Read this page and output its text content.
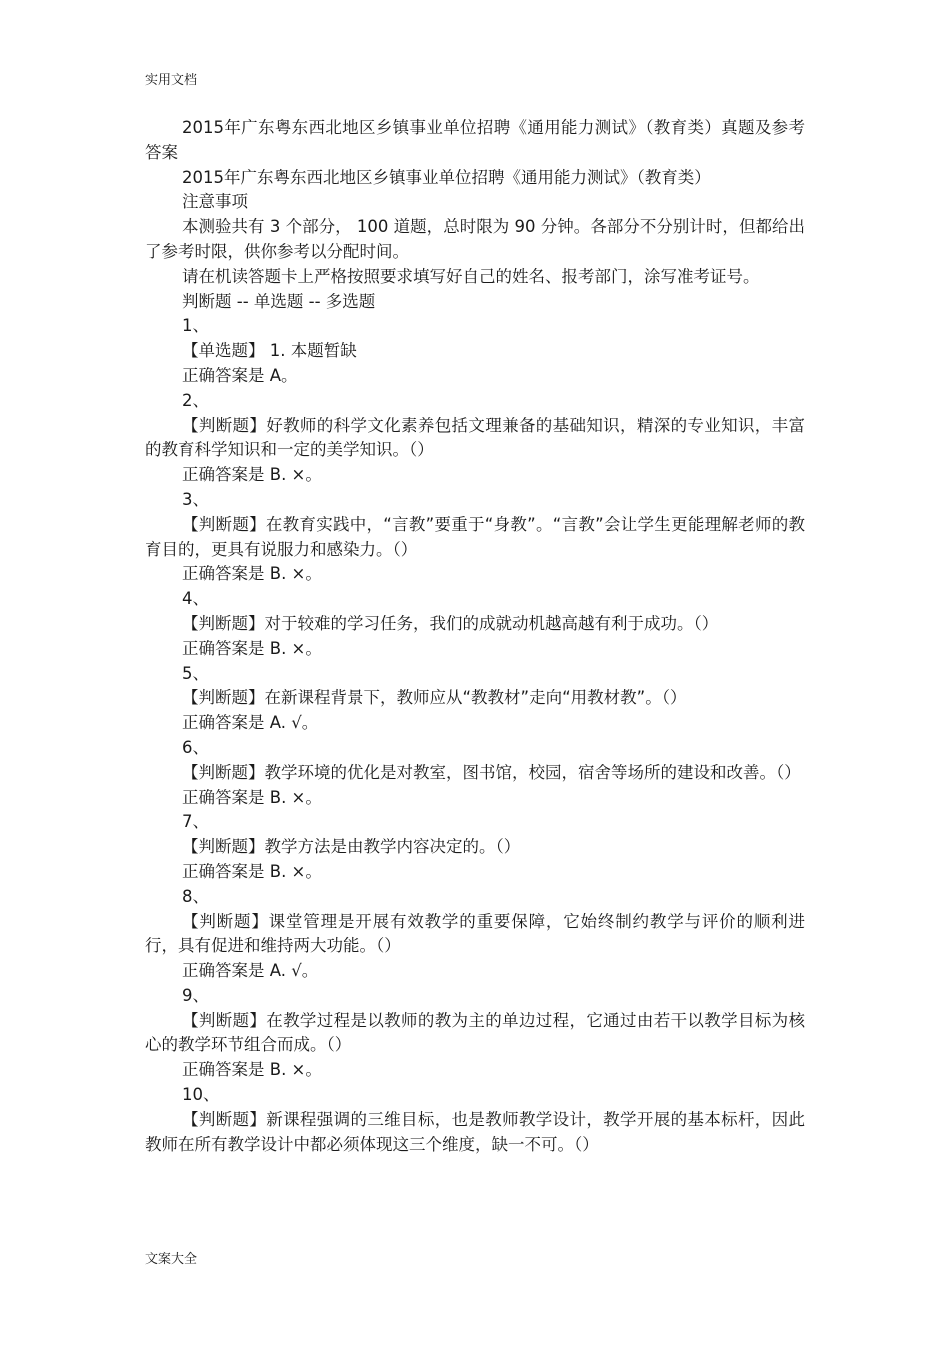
实用文档

2015年广东粤东西北地区乡镇事业单位招聘《通用能力测试》（教育类）真题及参考答案

2015年广东粤东西北地区乡镇事业单位招聘《通用能力测试》（教育类）

注意事项

本测验共有 3 个部分， 100 道题，总时限为 90 分钟。各部分不分别计时，但都给出了参考时限，供你参考以分配时间。

请在机读答题卡上严格按照要求填写好自己的姓名、报考部门，涂写准考证号。

判断题 -- 单选题 -- 多选题

1、

【单选题】 1. 本题暂缺

正确答案是 A。

2、

【判断题】好教师的科学文化素养包括文理兼备的基础知识，精深的专业知识，丰富的教育科学知识和一定的美学知识。（）

正确答案是 B. ×。

3、

【判断题】在教育实践中，“言教”要重于“身教”。“言教”会让学生更能理解老师的教育目的，更具有说服力和感染力。（）

正确答案是 B. ×。

4、

【判断题】对于较难的学习任务，我们的成就动机越高越有利于成功。（）

正确答案是 B. ×。

5、

【判断题】在新课程背景下，教师应从“教教材”走向“用教材教”。（）

正确答案是 A. √。

6、

【判断题】教学环境的优化是对教室，图书馆，校园，宿舍等场所的建设和改善。（）

正确答案是 B. ×。

7、

【判断题】教学方法是由教学内容决定的。（）

正确答案是 B. ×。

8、

【判断题】课堂管理是开展有效教学的重要保障，它始终制约教学与评价的顺利进行，具有促进和维持两大功能。（）

正确答案是 A. √。

9、

【判断题】在教学过程是以教师的教为主的单边过程，它通过由若干以教学目标为核心的教学环节组合而成。（）

正确答案是 B. ×。

10、

【判断题】新课程强调的三维目标，也是教师教学设计，教学开展的基本标杆，因此教师在所有教学设计中都必须体现这三个维度，缺一不可。（）

文案大全
